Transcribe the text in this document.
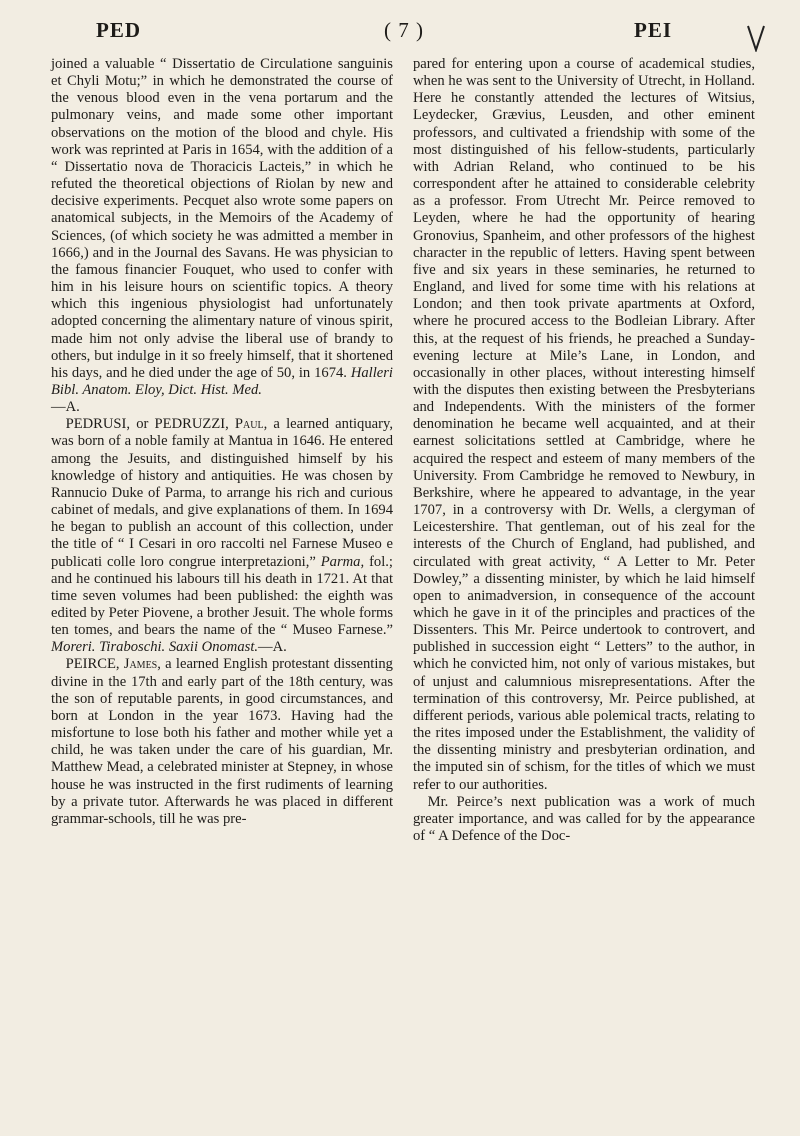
PED	( 7 )	PEI

joined a valuable “ Dissertatio de Circulatione sanguinis et Chyli Motu;” in which he demonstrated the course of the venous blood even in the vena portarum and the pulmonary veins, and made some other important observations on the motion of the blood and chyle. His work was reprinted at Paris in 1654, with the addition of a “ Dissertatio nova de Thoracicis Lacteis,” in which he refuted the theoretical objections of Riolan by new and decisive experiments. Pecquet also wrote some papers on anatomical subjects, in the Memoirs of the Academy of Sciences, (of which society he was admitted a member in 1666,) and in the Journal des Savans. He was physician to the famous financier Fouquet, who used to confer with him in his leisure hours on scientific topics. A theory which this ingenious physiologist had unfortunately adopted concerning the alimentary nature of vinous spirit, made him not only advise the liberal use of brandy to others, but indulge in it so freely himself, that it shortened his days, and he died under the age of 50, in 1674. Halleri Bibl. Anatom. Eloy, Dict. Hist. Med.
—A.

PEDRUSI, or PEDRUZZI, Paul, a learned antiquary, was born of a noble family at Mantua in 1646. He entered among the Jesuits, and distinguished himself by his knowledge of history and antiquities. He was chosen by Rannucio Duke of Parma, to arrange his rich and curious cabinet of medals, and give explanations of them. In 1694 he began to publish an account of this collection, under the title of “ I Cesari in oro raccolti nel Farnese Museo e publicati colle loro congrue interpretazioni,” Parma, fol.; and he continued his labours till his death in 1721. At that time seven volumes had been published: the eighth was edited by Peter Piovene, a brother Jesuit. The whole forms ten tomes, and bears the name of the “ Museo Farnese.” Moreri. Tiraboschi. Saxii Onomast.—A.

PEIRCE, James, a learned English protestant dissenting divine in the 17th and early part of the 18th century, was the son of reputable parents, in good circumstances, and born at London in the year 1673. Having had the misfortune to lose both his father and mother while yet a child, he was taken under the care of his guardian, Mr. Matthew Mead, a celebrated minister at Stepney, in whose house he was instructed in the first rudiments of learning by a private tutor. Afterwards he was placed in different grammar-schools, till he was pre-

pared for entering upon a course of academical studies, when he was sent to the University of Utrecht, in Holland. Here he constantly attended the lectures of Witsius, Leydecker, Grævius, Leusden, and other eminent professors, and cultivated a friendship with some of the most distinguished of his fellow-students, particularly with Adrian Reland, who continued to be his correspondent after he attained to considerable celebrity as a professor. From Utrecht Mr. Peirce removed to Leyden, where he had the opportunity of hearing Gronovius, Spanheim, and other professors of the highest character in the republic of letters. Having spent between five and six years in these seminaries, he returned to England, and lived for some time with his relations at London; and then took private apartments at Oxford, where he procured access to the Bodleian Library. After this, at the request of his friends, he preached a Sunday-evening lecture at Mile’s Lane, in London, and occasionally in other places, without interesting himself with the disputes then existing between the Presbyterians and Independents. With the ministers of the former denomination he became well acquainted, and at their earnest solicitations settled at Cambridge, where he acquired the respect and esteem of many members of the University. From Cambridge he removed to Newbury, in Berkshire, where he appeared to advantage, in the year 1707, in a controversy with Dr. Wells, a clergyman of Leicestershire. That gentleman, out of his zeal for the interests of the Church of England, had published, and circulated with great activity, “ A Letter to Mr. Peter Dowley,” a dissenting minister, by which he laid himself open to animadversion, in consequence of the account which he gave in it of the principles and practices of the Dissenters. This Mr. Peirce undertook to controvert, and published in succession eight “ Letters” to the author, in which he convicted him, not only of various mistakes, but of unjust and calumnious misrepresentations. After the termination of this controversy, Mr. Peirce published, at different periods, various able polemical tracts, relating to the rites imposed under the Establishment, the validity of the dissenting ministry and presbyterian ordination, and the imputed sin of schism, for the titles of which we must refer to our authorities.

Mr. Peirce’s next publication was a work of much greater importance, and was called for by the appearance of “ A Defence of the Doc-
